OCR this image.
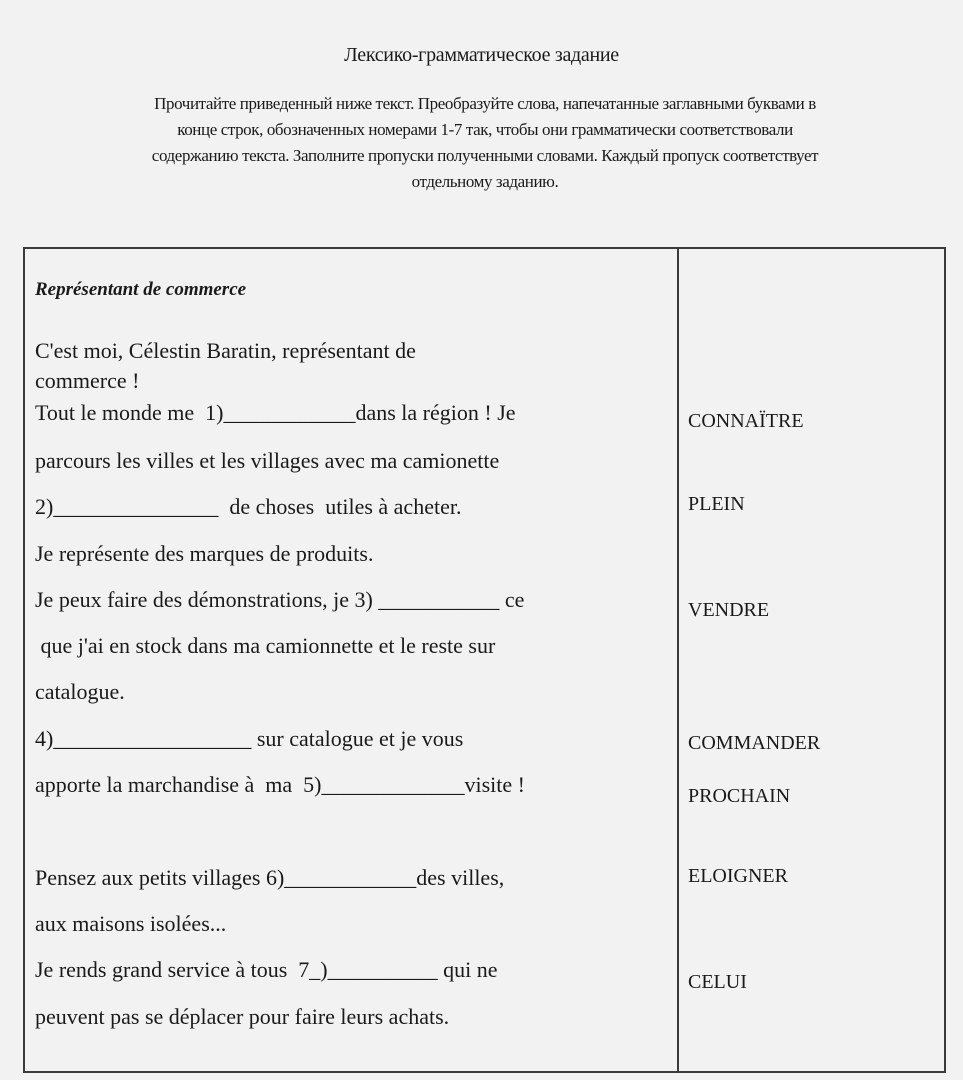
Лексико-грамматическое задание
Прочитайте приведенный ниже текст. Преобразуйте слова, напечатанные заглавными буквами в
конце строк, обозначенных номерами 1-7 так, чтобы они грамматически соответствовали
содержанию текста. Заполните пропуски полученными словами. Каждый пропуск соответствует
отдельному заданию.
Représentant de commerce
C'est moi, Célestin Baratin, représentant de
commerce !
Tout le monde me  1)____________dans la région ! Je
parcours les villes et les villages avec ma camionette
2)_______________  de choses  utiles à acheter.
Je représente des marques de produits.
Je peux faire des démonstrations, je 3) ___________ ce
que j'ai en stock dans ma camionnette et le reste sur
catalogue.
4)__________________ sur catalogue et je vous
apporte la marchandise à  ma  5)_____________visite !
Pensez aux petits villages 6)____________des villes,
aux maisons isolées...
Je rends grand service à tous  7_)__________ qui ne
peuvent pas se déplacer pour faire leurs achats.
CONNAÏTRE
PLEIN
VENDRE
COMMANDER
PROCHAIN
ELOIGNER
CELUI
